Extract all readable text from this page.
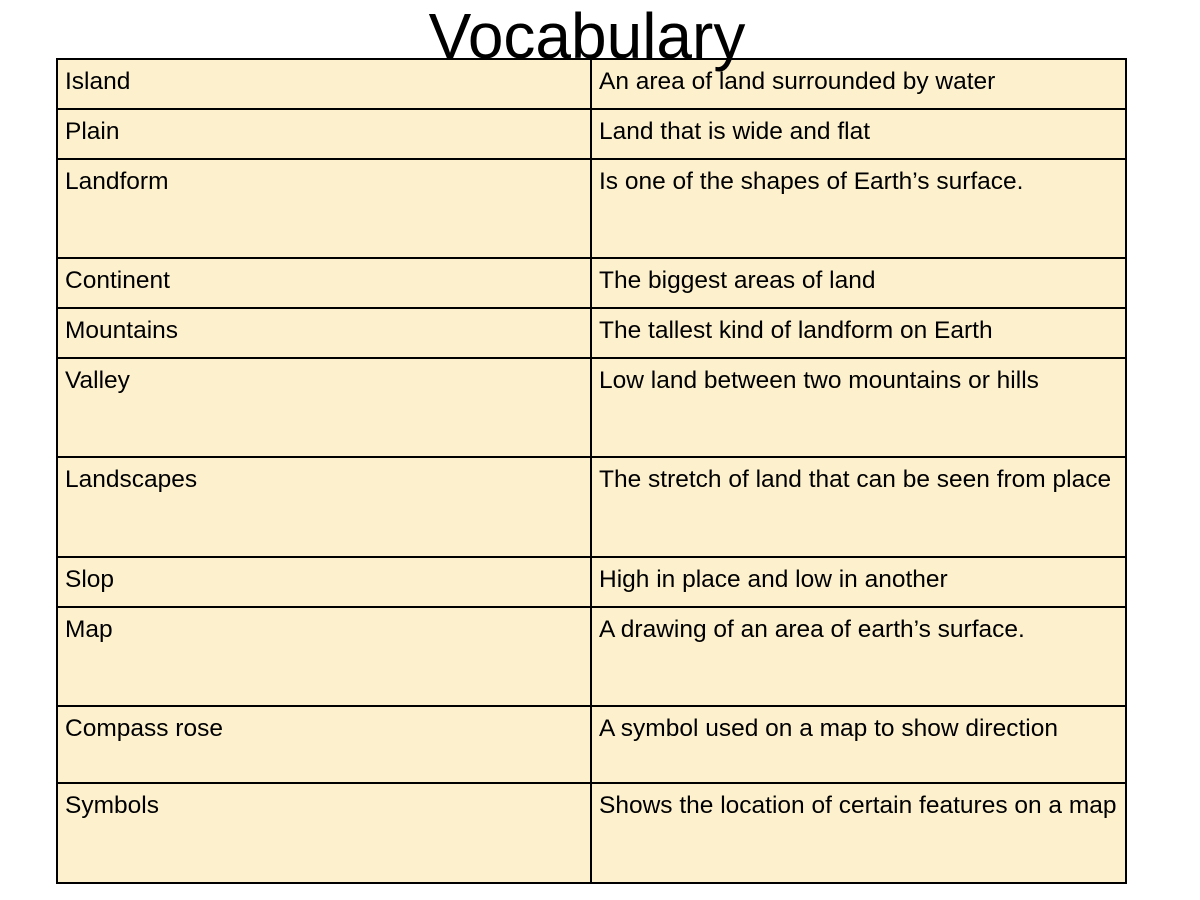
Vocabulary
Island	An area of land surrounded by water
Plain	Land that is wide and flat
Landform	Is one of the shapes of Earth’s surface.
Continent	The biggest areas of land
Mountains	The tallest kind of landform on Earth
Valley	Low land between two mountains or hills
Landscapes	The stretch of land that can be seen from place
Slop	High in place and low in another
Map	A drawing of an area of earth’s surface.
Compass rose	A symbol used on a map to show direction
Symbols	Shows the location of certain features on a map
